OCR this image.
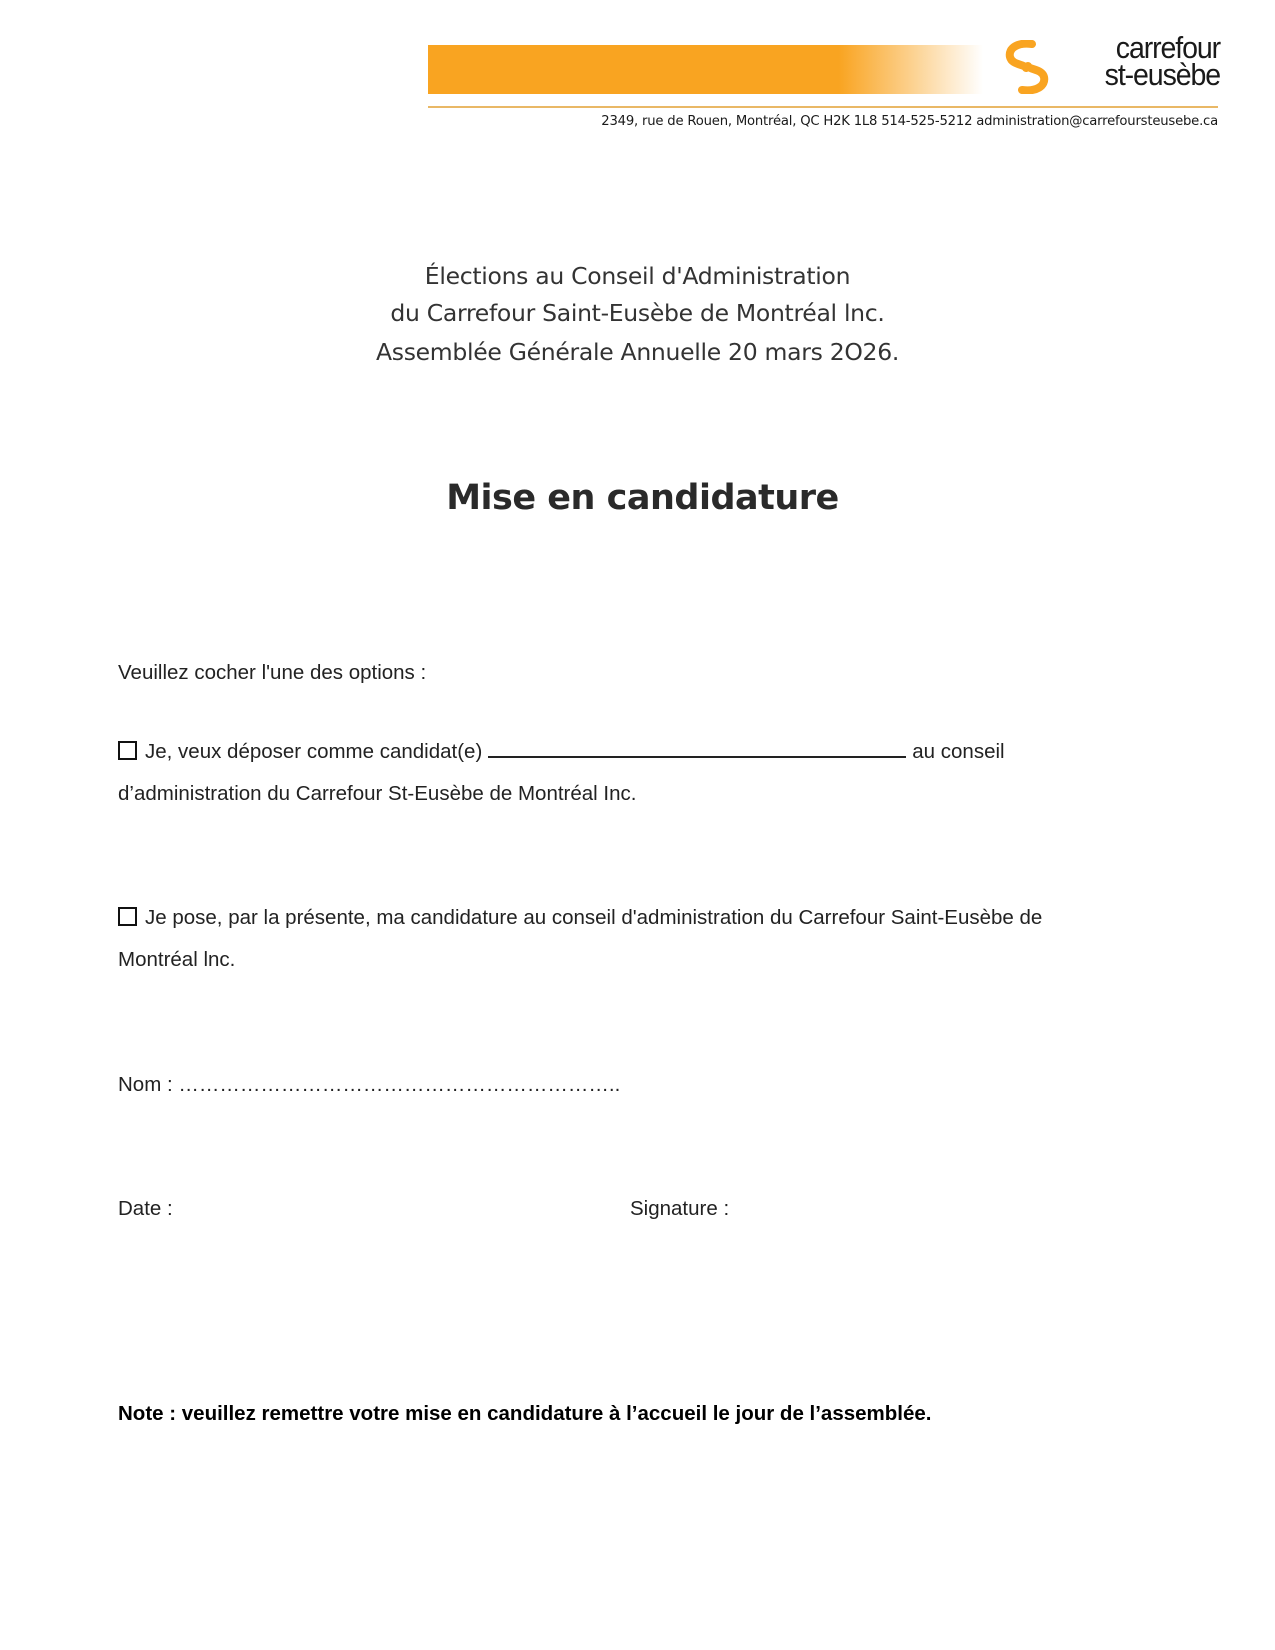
carrefour
st-eusèbe
2349, rue de Rouen, Montréal, QC H2K 1L8 514-525-5212 administration@carrefoursteusebe.ca
Élections au Conseil d'Administration
du Carrefour Saint-Eusèbe de Montréal lnc.
Assemblée Générale Annuelle 20 mars 2O26.
Mise en candidature
Veuillez cocher l'une des options :
Je, veux déposer comme candidat(e)	au conseil
d’administration du Carrefour St-Eusèbe de Montréal Inc.
Je pose, par la présente, ma candidature au conseil d'administration du Carrefour Saint-Eusèbe de
Montréal lnc.
Nom : ………………………………………………………..
Date :	Signature :
Note : veuillez remettre votre mise en candidature à l’accueil le jour de l’assemblée.
